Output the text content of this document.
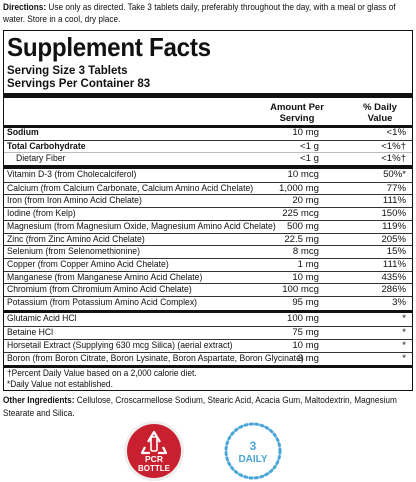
Directions: Use only as directed. Take 3 tablets daily, preferably throughout the day, with a meal or glass of water. Store in a cool, dry place.
Supplement Facts
Serving Size 3 Tablets
Servings Per Container 83
Amount Per
Serving
% Daily
Value
Sodium	10 mg	<1%
Total Carbohydrate	<1 g	<1%†
Dietary Fiber	<1 g	<1%†
Vitamin D-3 (from Cholecalciferol)	10 mcg	50%*
Calcium (from Calcium Carbonate, Calcium Amino Acid Chelate)	1,000 mg	77%
Iron (from Iron Amino Acid Chelate)	20 mg	111%
Iodine (from Kelp)	225 mcg	150%
Magnesium (from Magnesium Oxide, Magnesium Amino Acid Chelate) 500 mg	119%
Zinc (from Zinc Amino Acid Chelate)	22.5 mg	205%
Selenium (from Selenomethionine)	8 mcg	15%
Copper (from Copper Amino Acid Chelate)	1 mg	111%
Manganese (from Manganese Amino Acid Chelate)	10 mg	435%
Chromium (from Chromium Amino Acid Chelate)	100 mcg	286%
Potassium (from Potassium Amino Acid Complex)	95 mg	3%
Glutamic Acid HCl	100 mg	*
Betaine HCl	75 mg	*
Horsetail Extract (Supplying 630 mcg Silica) (aerial extract)	10 mg	*
Boron (from Boron Citrate, Boron Lysinate, Boron Aspartate, Boron Glycinate)
3 mg	*
†Percent Daily Value based on a 2,000 calorie diet.
*Daily Value not established.
Other Ingredients: Cellulose, Croscarmellose Sodium, Stearic Acid, Acacia Gum, Maltodextrin, Magnesium Stearate and Silica.
PCR
BOTTLE
3
DAILY
